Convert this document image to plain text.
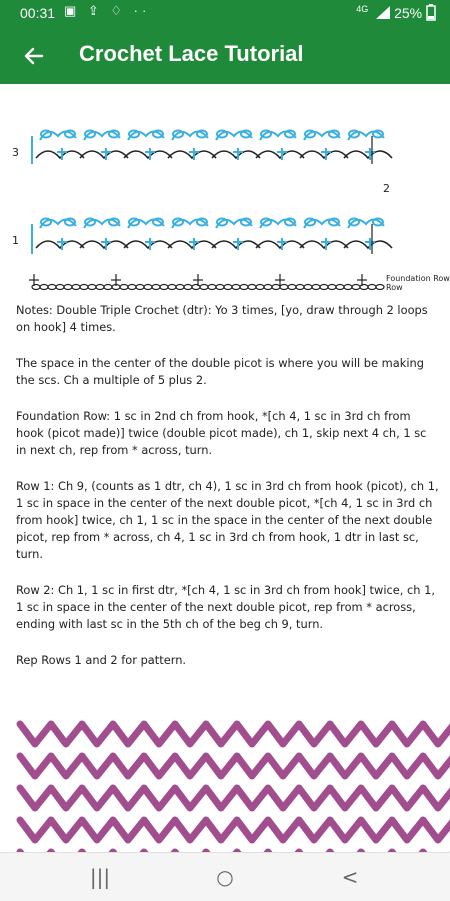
00:31 ▣ ⇪ ♢ ··	$^{4G}$ 25%
Crochet Lace Tutorial
3
1
2
Foundation Row
Row

Notes: Double Triple Crochet (dtr): Yo 3 times, [yo, draw through 2 loops on hook] 4 times.

The space in the center of the double picot is where you will be making the scs. Ch a multiple of 5 plus 2.

Foundation Row: 1 sc in 2nd ch from hook, *[ch 4, 1 sc in 3rd ch from hook (picot made)] twice (double picot made), ch 1, skip next 4 ch, 1 sc in next ch, rep from * across, turn.

Row 1: Ch 9, (counts as 1 dtr, ch 4), 1 sc in 3rd ch from hook (picot), ch 1, 1 sc in space in the center of the next double picot, *[ch 4, 1 sc in 3rd ch from hook] twice, ch 1, 1 sc in the space in the center of the next double picot, rep from * across, ch 4, 1 sc in 3rd ch from hook, 1 dtr in last sc, turn.

Row 2: Ch 1, 1 sc in first dtr, *[ch 4, 1 sc in 3rd ch from hook] twice, ch 1, 1 sc in space in the center of the next double picot, rep from * across, ending with last sc in the 5th ch of the beg ch 9, turn.

Rep Rows 1 and 2 for pattern.

|||	○	<
